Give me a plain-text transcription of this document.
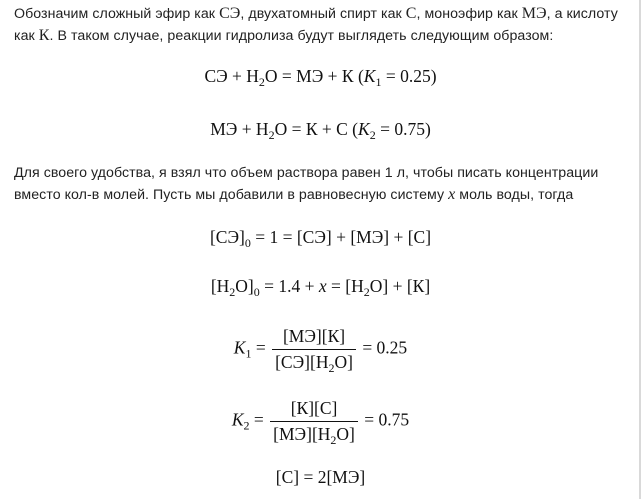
Обозначим сложный эфир как СЭ, двухатомный спирт как С, моноэфир как МЭ, а кислоту как К. В таком случае, реакции гидролиза будут выглядеть следующим образом:

СЭ + $H_2O$ = МЭ + К $(K_1 = 0.25)$
МЭ + $H_2O = К + С$ $(K_2 = 0.75)$

Для своего удобства, я взял что объем раствора равен 1 л, чтобы писать концентрации вместо кол-в молей. Пусть мы добавили в равновесную систему x моль воды, тогда

$[СЭ]_0 = 1 = [СЭ] + [МЭ] + [С]$
$[H_2O]_0 = 1.4 + x = [H_2O] + [К]$
$K_1 = \frac{[МЭ][К]}{[СЭ][H_2O]} = 0.25$
$K_2 = \frac{[К][С]}{[МЭ][H_2O]} = 0.75$
[С] = 2[МЭ]
